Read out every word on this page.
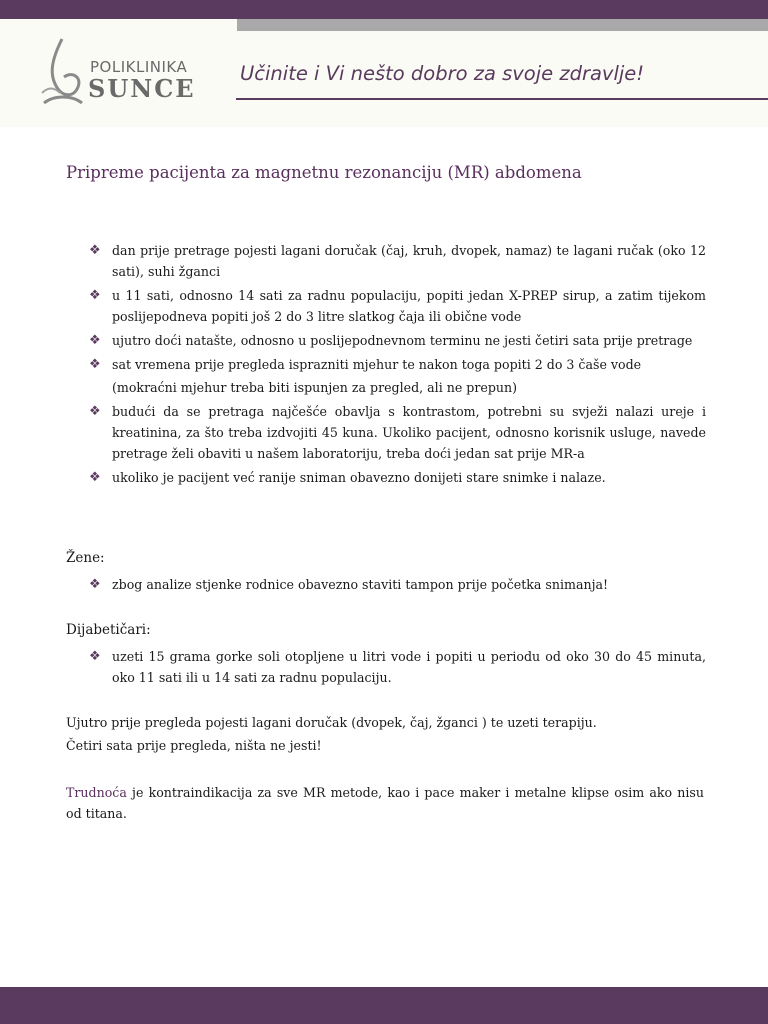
POLIKLINIKA
SUNCE
Učinite i Vi nešto dobro za svoje zdravlje!
Pripreme pacijenta za magnetnu rezonanciju (MR) abdomena
❖ dan prije pretrage pojesti lagani doručak (čaj, kruh, dvopek, namaz) te lagani ručak (oko 12 sati), suhi žganci
❖ u 11 sati, odnosno 14 sati za radnu populaciju, popiti jedan X-PREP sirup, a zatim tijekom poslijepodneva popiti još 2 do 3 litre slatkog čaja ili obične vode
❖ ujutro doći natašte, odnosno u poslijepodnevnom terminu ne jesti četiri sata prije pretrage
❖ sat vremena prije pregleda isprazniti mjehur te nakon toga popiti 2 do 3 čaše vode
(mokraćni mjehur treba biti ispunjen za pregled, ali ne prepun)
❖ budući da se pretraga najčešće obavlja s kontrastom, potrebni su svježi nalazi ureje i kreatinina, za što treba izdvojiti 45 kuna. Ukoliko pacijent, odnosno korisnik usluge, navede pretrage želi obaviti u našem laboratoriju, treba doći jedan sat prije MR-a
❖ ukoliko je pacijent već ranije sniman obavezno donijeti stare snimke i nalaze.
Žene:
❖ zbog analize stjenke rodnice obavezno staviti tampon prije početka snimanja!
Dijabetičari:
❖ uzeti 15 grama gorke soli otopljene u litri vode i popiti u periodu od oko 30 do 45 minuta, oko 11 sati ili u 14 sati za radnu populaciju.
Ujutro prije pregleda pojesti lagani doručak (dvopek, čaj, žganci ) te uzeti terapiju.
Četiri sata prije pregleda, ništa ne jesti!
Trudnoća je kontraindikacija za sve MR metode, kao i pace maker i metalne klipse osim ako nisu od titana.
